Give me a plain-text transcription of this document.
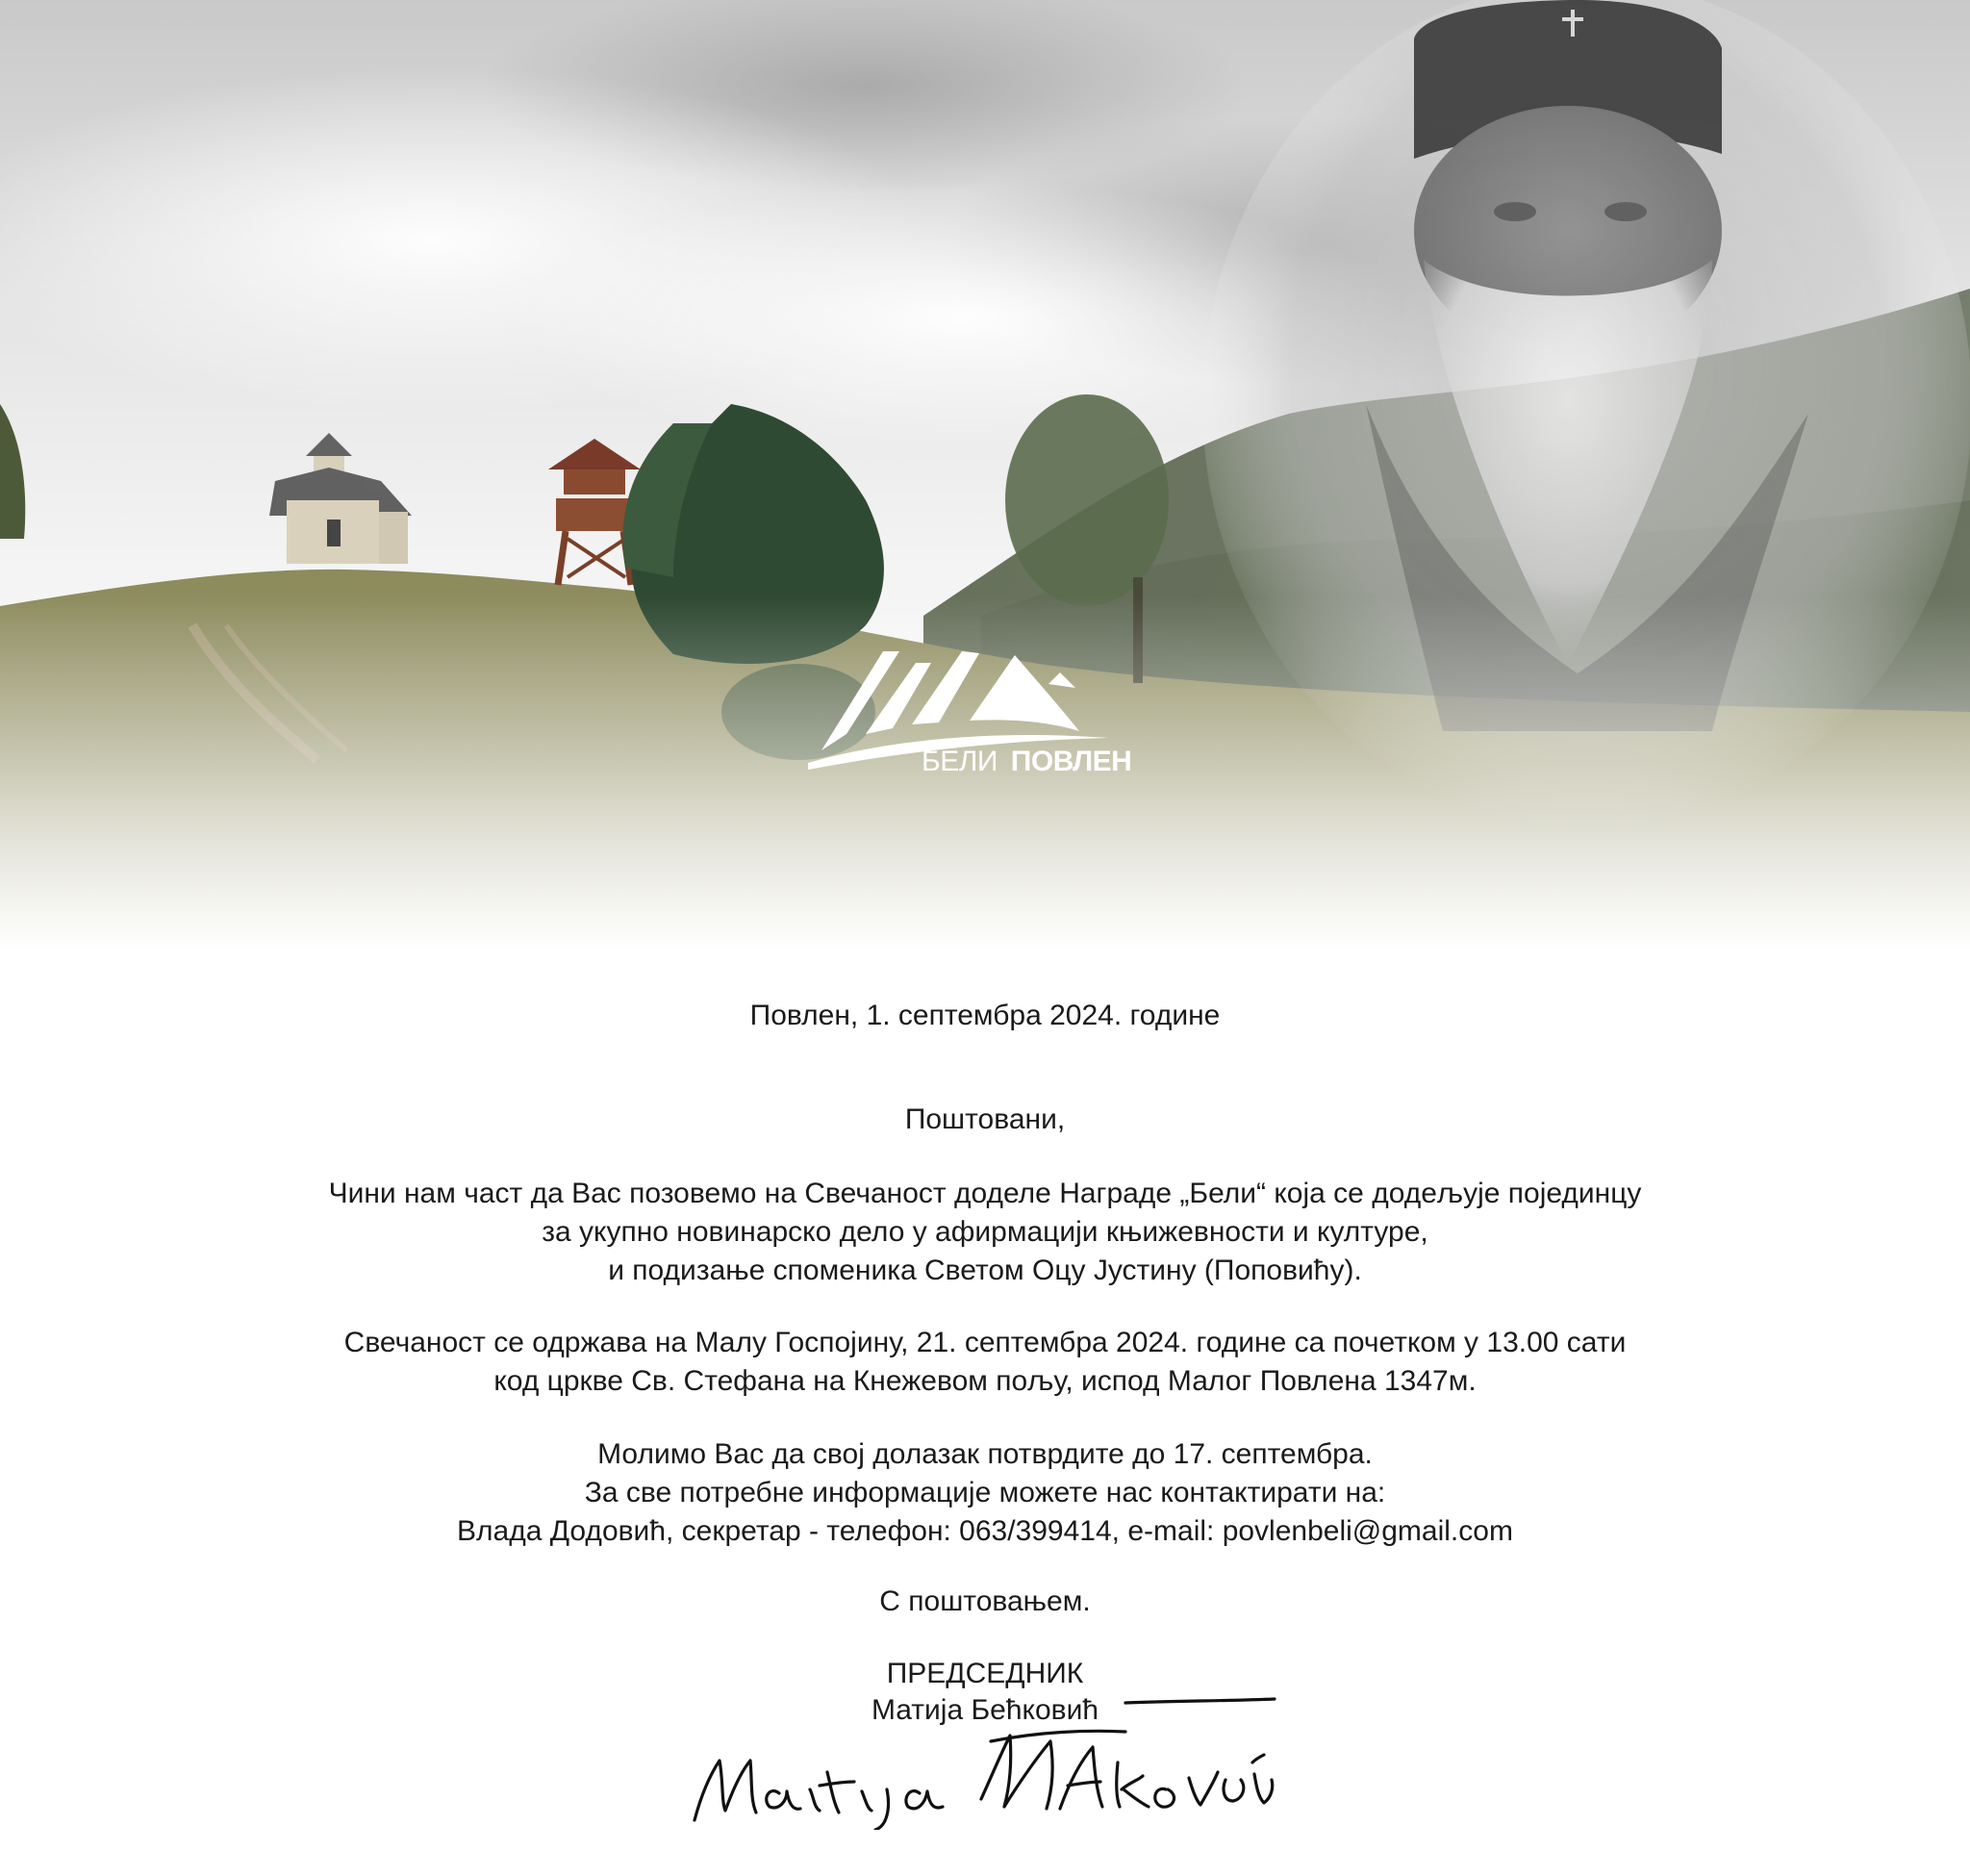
БЕЛИ ПОВЛЕН
Повлен, 1. септембра 2024. године
Поштовани,

Чини нам част да Вас позовемо на Свечаност доделе Награде „Бели“ која се додељује појединцу

за укупно новинарско дело у афирмацији књижевности и културе,

и подизање споменика Светом Оцу Јустину (Поповићу).

Свечаност се одржава на Малу Госпојину, 21. септембра 2024. године са почетком у 13.00 сати

код цркве Св. Стефана на Кнежевом пољу, испод Малог Повлена 1347м.

Молимо Вас да свој долазак потврдите до 17. септембра.

За све потребне информације можете нас контактирати на:

Влада Додовић, секретар - телефон: 063/399414, e-mail: povlenbeli@gmail.com

С поштовањем.
ПРЕДСЕДНИК
Матија Бећковић
